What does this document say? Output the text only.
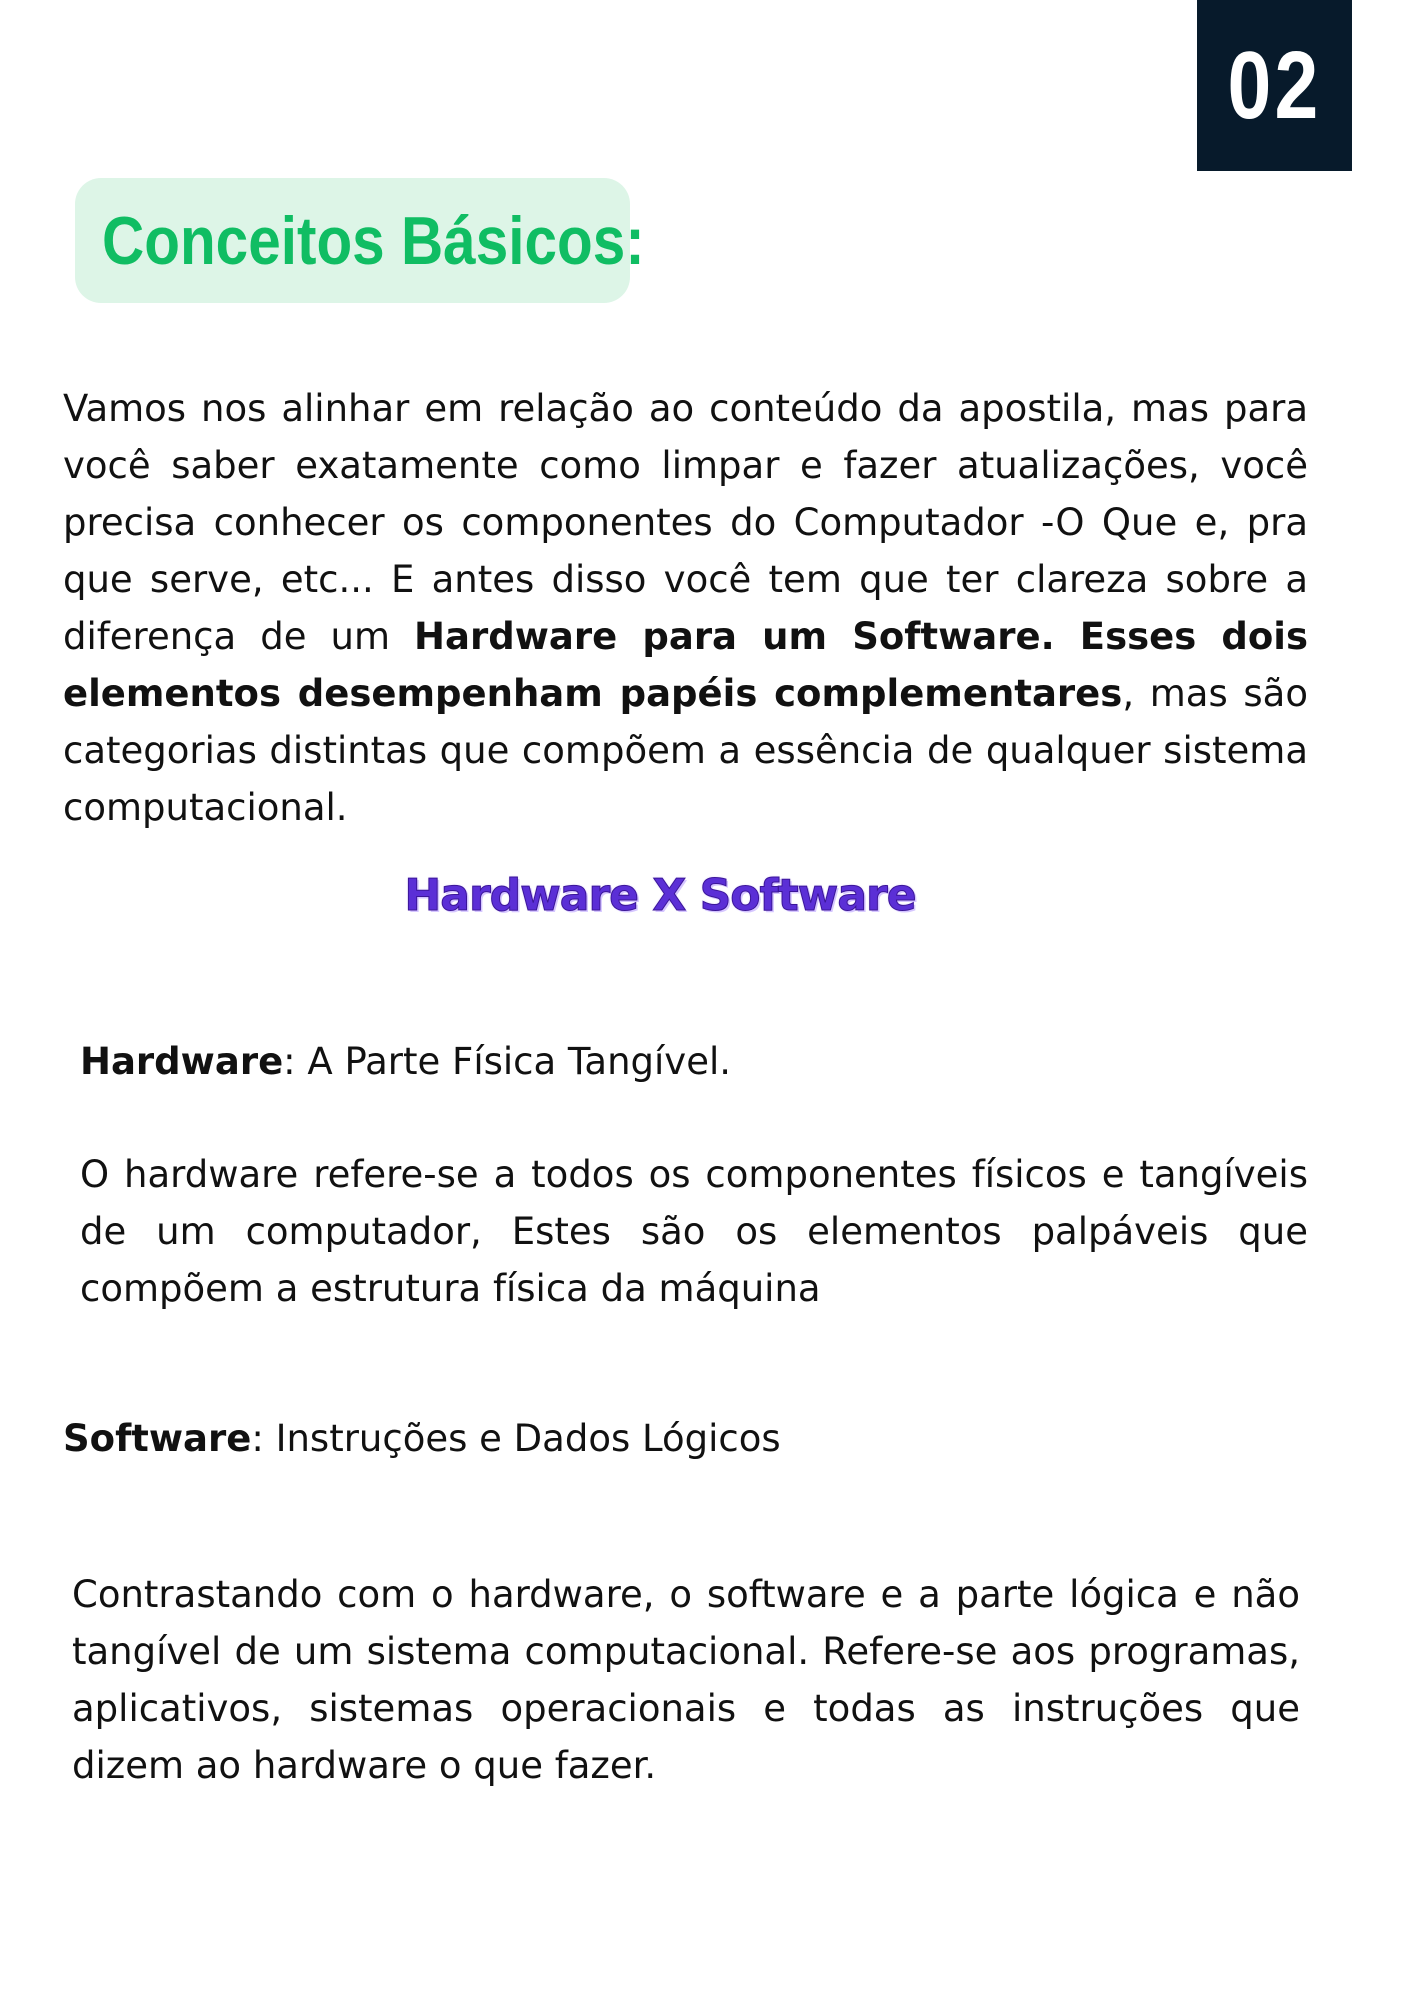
02
Conceitos Básicos:

Vamos nos alinhar em relação ao conteúdo da apostila, mas para você saber exatamente como limpar e fazer atualizações, você precisa conhecer os componentes do Computador -O Que e, pra que serve, etc... E antes disso você tem que ter clareza sobre a diferença de um Hardware para um Software. Esses dois elementos desempenham papéis complementares, mas são categorias distintas que compõem a essência de qualquer sistema computacional.

Hardware X Software
Hardware: A Parte Física Tangível.

O hardware refere-se a todos os componentes físicos e tangíveis de um computador, Estes são os elementos palpáveis que compõem a estrutura física da máquina

Software: Instruções e Dados Lógicos

Contrastando com o hardware, o software e a parte lógica e não tangível de um sistema computacional. Refere-se aos programas, aplicativos, sistemas operacionais e todas as instruções que dizem ao hardware o que fazer.
